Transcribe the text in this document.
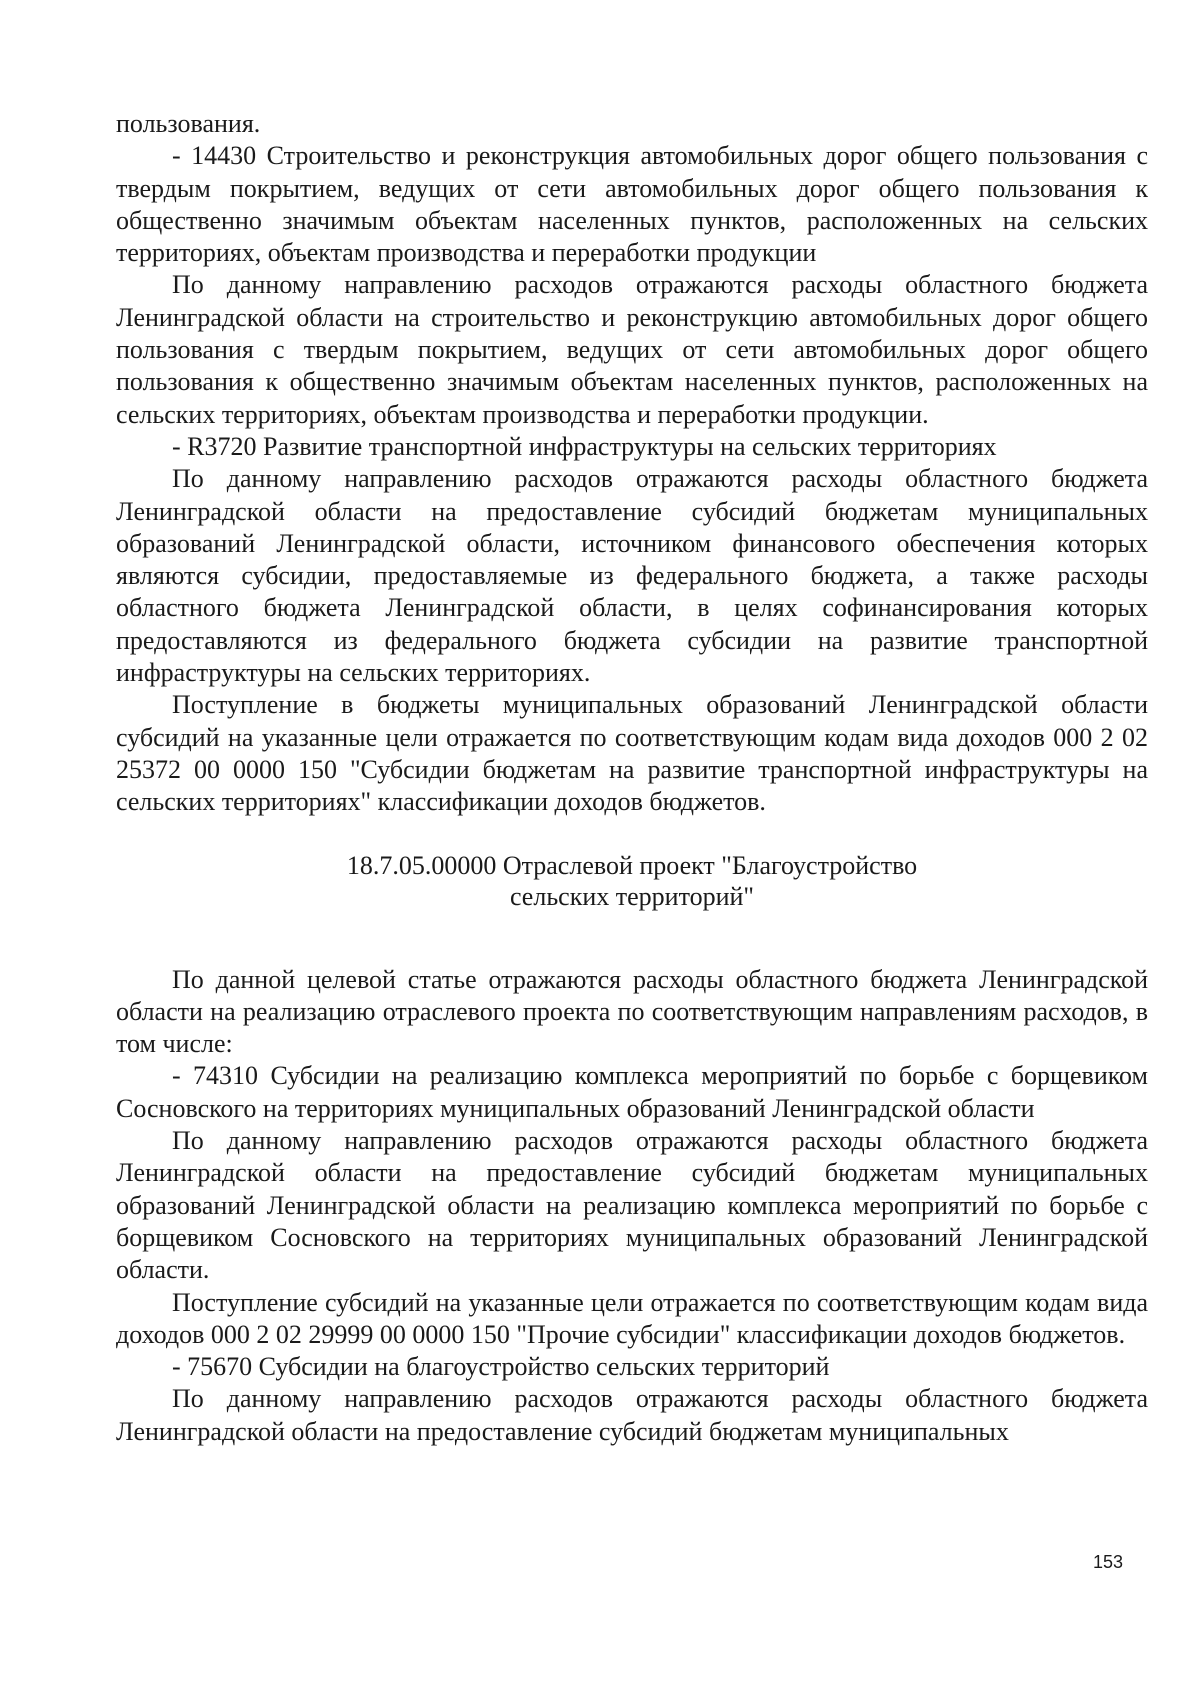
пользования.

- 14430 Строительство и реконструкция автомобильных дорог общего пользования с твердым покрытием, ведущих от сети автомобильных дорог общего пользования к общественно значимым объектам населенных пунктов, расположенных на сельских территориях, объектам производства и переработки продукции

По данному направлению расходов отражаются расходы областного бюджета Ленинградской области на строительство и реконструкцию автомобильных дорог общего пользования с твердым покрытием, ведущих от сети автомобильных дорог общего пользования к общественно значимым объектам населенных пунктов, расположенных на сельских территориях, объектам производства и переработки продукции.

- R3720 Развитие транспортной инфраструктуры на сельских территориях

По данному направлению расходов отражаются расходы областного бюджета Ленинградской области на предоставление субсидий бюджетам муниципальных образований Ленинградской области, источником финансового обеспечения которых являются субсидии, предоставляемые из федерального бюджета, а также расходы областного бюджета Ленинградской области, в целях софинансирования которых предоставляются из федерального бюджета субсидии на развитие транспортной инфраструктуры на сельских территориях.

Поступление в бюджеты муниципальных образований Ленинградской области субсидий на указанные цели отражается по соответствующим кодам вида доходов 000 2 02 25372 00 0000 150 "Субсидии бюджетам на развитие транспортной инфраструктуры на сельских территориях" классификации доходов бюджетов.

18.7.05.00000 Отраслевой проект "Благоустройство
сельских территорий"

По данной целевой статье отражаются расходы областного бюджета Ленинградской области на реализацию отраслевого проекта по соответствующим направлениям расходов, в том числе:

- 74310 Субсидии на реализацию комплекса мероприятий по борьбе с борщевиком Сосновского на территориях муниципальных образований Ленинградской области

По данному направлению расходов отражаются расходы областного бюджета Ленинградской области на предоставление субсидий бюджетам муниципальных образований Ленинградской области на реализацию комплекса мероприятий по борьбе с борщевиком Сосновского на территориях муниципальных образований Ленинградской области.

Поступление субсидий на указанные цели отражается по соответствующим кодам вида доходов 000 2 02 29999 00 0000 150 "Прочие субсидии" классификации доходов бюджетов.

- 75670 Субсидии на благоустройство сельских территорий

По данному направлению расходов отражаются расходы областного бюджета Ленинградской области на предоставление субсидий бюджетам муниципальных

153
